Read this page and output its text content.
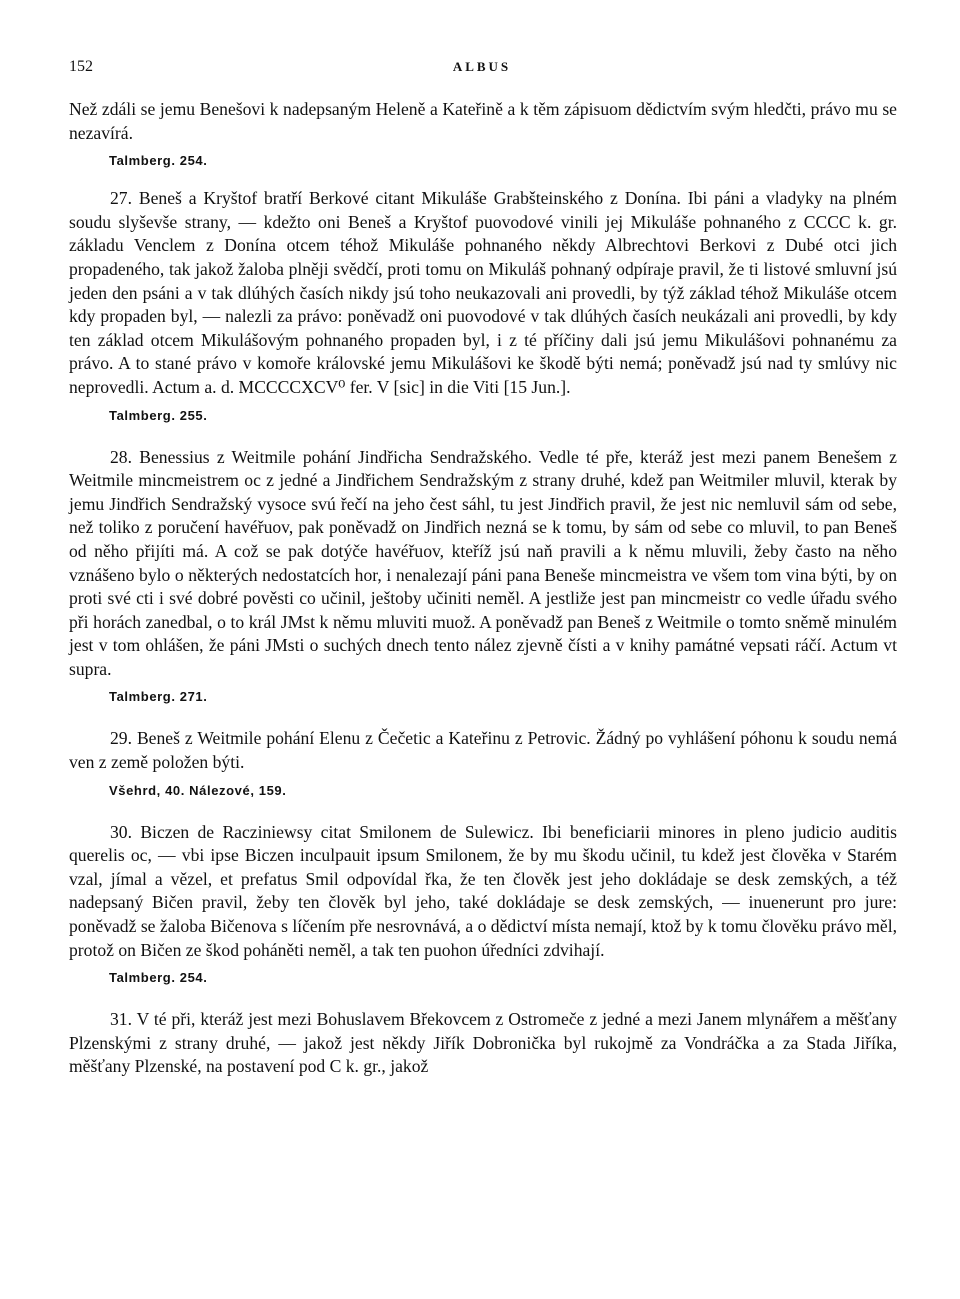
152	ALBUS

Než zdáli se jemu Benešovi k nadepsaným Heleně a Kateřině a k těm zápisuom dědictvím svým hledčti, právo mu se nezavírá.

Talmberg. 254.

27. Beneš a Kryštof bratří Berkové citant Mikuláše Grabšteinského z Donína. Ibi páni a vladyky na plném soudu slyševše strany, — kdežto oni Beneš a Kryštof puovodové vinili jej Mikuláše pohnaného z CCCC k. gr. základu Venclem z Donína otcem téhož Mikuláše pohnaného někdy Albrechtovi Berkovi z Dubé otci jich propadeného, tak jakož žaloba plněji svědčí, proti tomu on Mikuláš pohnaný odpíraje pravil, že ti listové smluvní jsú jeden den psáni a v tak dlúhých časích nikdy jsú toho neukazovali ani provedli, by týž základ téhož Mikuláše otcem kdy propaden byl, — nalezli za právo: poněvadž oni puovodové v tak dlúhých časích neukázali ani provedli, by kdy ten základ otcem Mikulášovým pohnaného propaden byl, i z té příčiny dali jsú jemu Mikulášovi pohnanému za právo. A to stané právo v komoře královské jemu Mikulášovi ke škodě býti nemá; poněvadž jsú nad ty smlúvy nic neprovedli. Actum a. d. MCCCCXCV⁰ fer. V [sic] in die Viti [15 Jun.].

Talmberg. 255.

28. Benessius z Weitmile pohání Jindřicha Sendražského. Vedle té pře, kteráž jest mezi panem Benešem z Weitmile mincmeistrem oc z jedné a Jindřichem Sendražským z strany druhé, kdež pan Weitmiler mluvil, kterak by jemu Jindřich Sendražský vysoce svú řečí na jeho čest sáhl, tu jest Jindřich pravil, že jest nic nemluvil sám od sebe, než toliko z poručení havéřuov, pak poněvadž on Jindřich nezná se k tomu, by sám od sebe co mluvil, to pan Beneš od něho přijíti má. A což se pak dotýče havéřuov, kteříž jsú naň pravili a k němu mluvili, žeby často na něho vznášeno bylo o některých nedostatcích hor, i nenalezají páni pana Beneše mincmeistra ve všem tom vina býti, by on proti své cti i své dobré pověsti co učinil, ještoby učiniti neměl. A jestliže jest pan mincmeistr co vedle úřadu svého při horách zanedbal, o to král JMst k němu mluviti muož. A poněvadž pan Beneš z Weitmile o tomto sněmě minulém jest v tom ohlášen, že páni JMsti o suchých dnech tento nález zjevně čísti a v knihy památné vepsati ráčí. Actum vt supra.

Talmberg. 271.

29. Beneš z Weitmile pohání Elenu z Čečetic a Kateřinu z Petrovic. Žádný po vyhlášení póhonu k soudu nemá ven z země položen býti.

Všehrd, 40. Nálezové, 159.

30. Biczen de Racziniewsy citat Smilonem de Sulewicz. Ibi beneficiarii minores in pleno judicio auditis querelis oc, — vbi ipse Biczen inculpauit ipsum Smilonem, že by mu škodu učinil, tu kdež jest člověka v Starém vzal, jímal a vězel, et prefatus Smil odpovídal řka, že ten člověk jest jeho dokládaje se desk zemských, a též nadepsaný Bičen pravil, žeby ten člověk byl jeho, také dokládaje se desk zemských, — inuenerunt pro jure: poněvadž se žaloba Bičenova s líčením pře nesrovnává, a o dědictví místa nemají, ktož by k tomu člověku právo měl, protož on Bičen ze škod poháněti neměl, a tak ten puohon úředníci zdvihají.

Talmberg. 254.

31. V té při, kteráž jest mezi Bohuslavem Břekovcem z Ostromeče z jedné a mezi Janem mlynářem a měšťany Plzenskými z strany druhé, — jakož jest někdy Jiřík Dobronička byl rukojmě za Vondráčka a za Stada Jiříka, měšťany Plzenské, na postavení pod C k. gr., jakož
